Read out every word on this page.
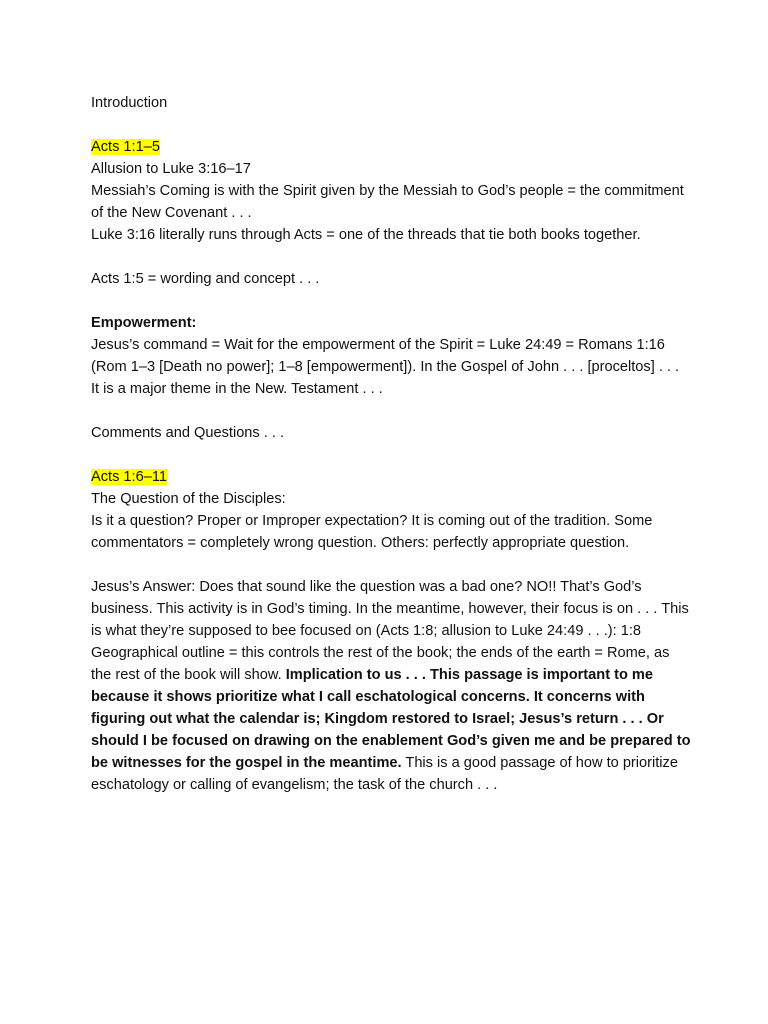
Introduction

Acts 1:1–5

Allusion to Luke 3:16–17

Messiah’s Coming is with the Spirit given by the Messiah to God’s people = the commitment of the New Covenant . . .

Luke 3:16 literally runs through Acts = one of the threads that tie both books together.

Acts 1:5 = wording and concept . . .

Empowerment:

Jesus’s command = Wait for the empowerment of the Spirit = Luke 24:49 = Romans 1:16 (Rom 1–3 [Death no power]; 1–8 [empowerment]). In the Gospel of John . . . [proceltos] . . . It is a major theme in the New. Testament . . .

Comments and Questions . . .

Acts 1:6–11

The Question of the Disciples:

Is it a question? Proper or Improper expectation? It is coming out of the tradition. Some commentators = completely wrong question. Others: perfectly appropriate question.

Jesus’s Answer: Does that sound like the question was a bad one? NO!! That’s God’s business. This activity is in God’s timing. In the meantime, however, their focus is on . . . This is what they’re supposed to bee focused on (Acts 1:8; allusion to Luke 24:49 . . .): 1:8 Geographical outline = this controls the rest of the book; the ends of the earth = Rome, as the rest of the book will show. Implication to us . . . This passage is important to me because it shows prioritize what I call eschatological concerns. It concerns with figuring out what the calendar is; Kingdom restored to Israel; Jesus’s return . . . Or should I be focused on drawing on the enablement God’s given me and be prepared to be witnesses for the gospel in the meantime. This is a good passage of how to prioritize eschatology or calling of evangelism; the task of the church . . .
